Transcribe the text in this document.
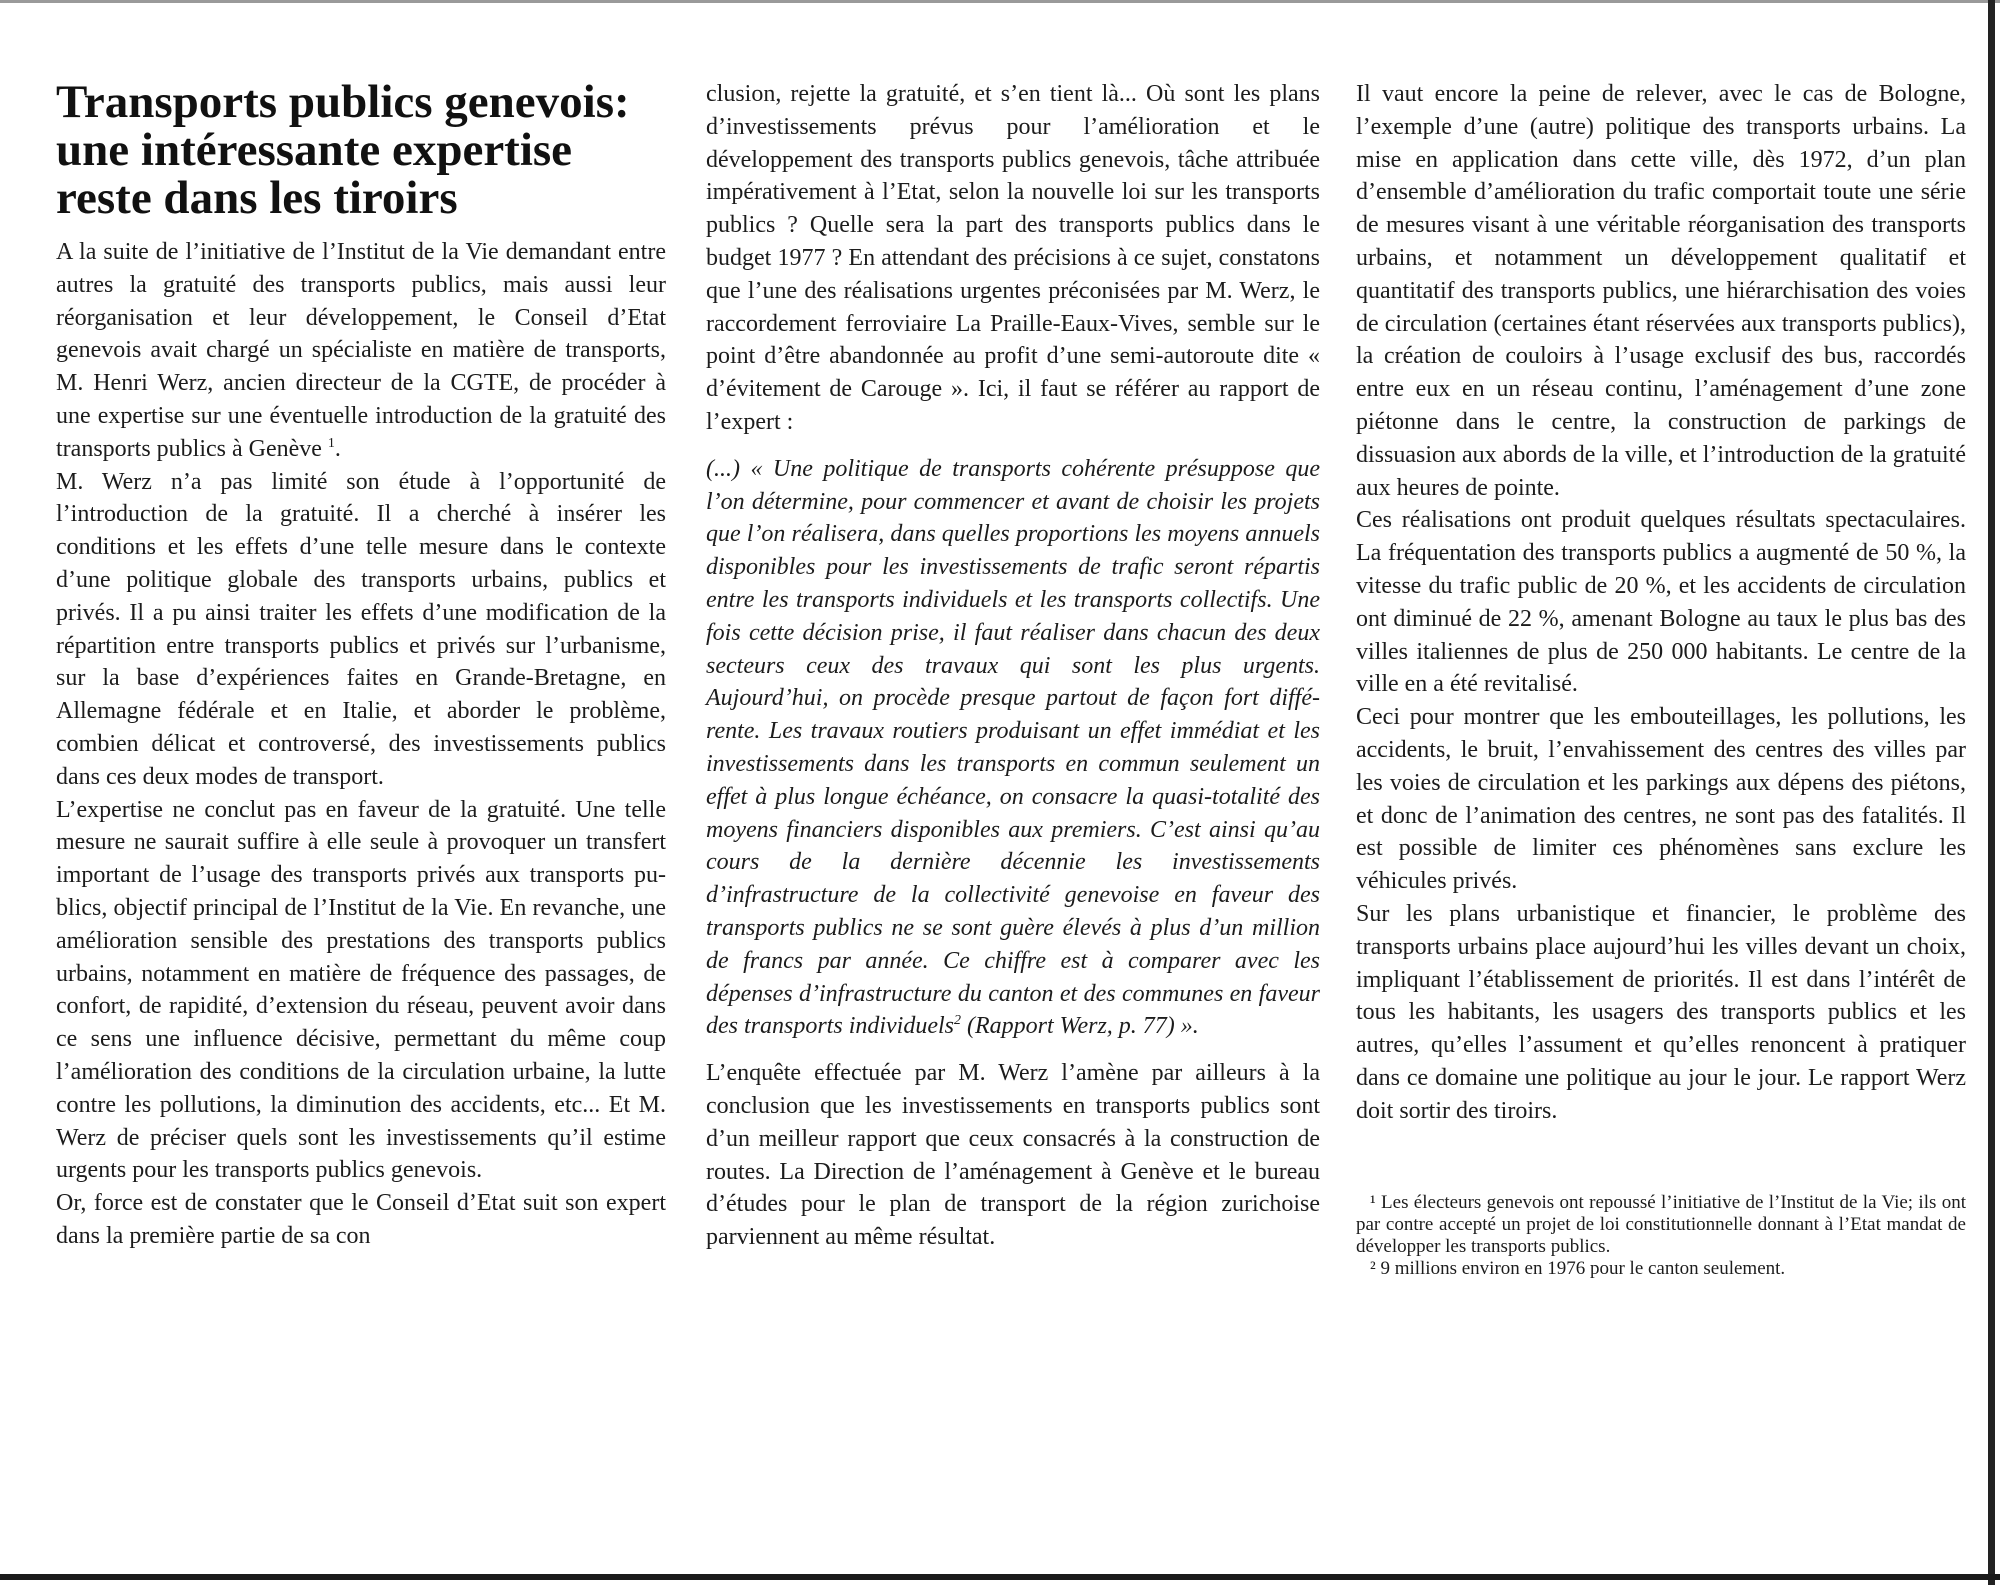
Transports publics genevois:
une intéressante expertise
reste dans les tiroirs

A la suite de l’initiative de l’Institut de la Vie demandant entre autres la gratuité des transports publics, mais aussi leur réorganisation et leur développement, le Conseil d’Etat genevois avait chargé un spécialiste en matière de transports, M. Henri Werz, ancien directeur de la CGTE, de procéder à une expertise sur une éventuelle introduction de la gratuité des transports publics à Genève $^1$.

M. Werz n’a pas limité son étude à l’opportunité de l’introduction de la gratuité. Il a cherché à insérer les conditions et les effets d’une telle mesure dans le contexte d’une politique globale des transports urbains, publics et privés. Il a pu ainsi traiter les effets d’une modification de la répartition entre transports publics et privés sur l’urbanisme, sur la base d’expériences faites en Grande-Bretagne, en Allemagne fédérale et en Italie, et aborder le problème, combien délicat et controversé, des investissements publics dans ces deux modes de transport.

L’expertise ne conclut pas en faveur de la gratuité. Une telle mesure ne saurait suffire à elle seule à provoquer un transfert important de l’usage des transports privés aux transports publics, objectif principal de l’Institut de la Vie. En revanche, une amélioration sensible des prestations des transports publics urbains, notamment en matière de fréquence des passages, de confort, de rapidité, d’extension du réseau, peuvent avoir dans ce sens une influence décisive, permettant du même coup l’amélioration des conditions de la circulation urbaine, la lutte contre les pollutions, la diminution des accidents, etc... Et M. Werz de préciser quels sont les investissements qu’il estime urgents pour les transports publics genevois.

Or, force est de constater que le Conseil d’Etat suit son expert dans la première partie de sa con

clusion, rejette la gratuité, et s’en tient là... Où sont les plans d’investissements prévus pour l’amélioration et le développement des transports publics genevois, tâche attribuée impérativement à l’Etat, selon la nouvelle loi sur les transports publics ? Quelle sera la part des transports publics dans le budget 1977 ? En attendant des précisions à ce sujet, constatons que l’une des réalisations urgentes préconisées par M. Werz, le raccordement ferroviaire La Praille-Eaux-Vives, semble sur le point d’être abandonnée au profit d’une semi-autoroute dite « d’évitement de Carouge ». Ici, il faut se référer au rapport de l’expert :

(...) « Une politique de transports cohérente présuppose que l’on détermine, pour commencer et avant de choisir les projets que l’on réalisera, dans quelles proportions les moyens annuels disponibles pour les investissements de trafic seront répartis entre les transports individuels et les transports collectifs. Une fois cette décision prise, il faut réaliser dans chacun des deux secteurs ceux des travaux qui sont les plus urgents. Aujourd’hui, on procède presque partout de façon fort différente. Les travaux routiers produisant un effet immédiat et les investissements dans les transports en commun seulement un effet à plus longue échéance, on consacre la quasi-totalité des moyens financiers disponibles aux premiers. C’est ainsi qu’au cours de la dernière décennie les investissements d’infrastructure de la collectivité genevoise en faveur des transports publics ne se sont guère élevés à plus d’un million de francs par année. Ce chiffre est à comparer avec les dépenses d’infrastructure du canton et des communes en faveur des transports individuels$^2$ (Rapport Werz, p. 77) ».

L’enquête effectuée par M. Werz l’amène par ailleurs à la conclusion que les investissements en transports publics sont d’un meilleur rapport que ceux consacrés à la construction de routes. La Direction de l’aménagement à Genève et le bureau d’études pour le plan de transport de la région zurichoise parviennent au même résultat.

Il vaut encore la peine de relever, avec le cas de Bologne, l’exemple d’une (autre) politique des transports urbains. La mise en application dans cette ville, dès 1972, d’un plan d’ensemble d’amélioration du trafic comportait toute une série de mesures visant à une véritable réorganisation des transports urbains, et notamment un développement qualitatif et quantitatif des transports publics, une hiérarchisation des voies de circulation (certaines étant réservées aux transports publics), la création de couloirs à l’usage exclusif des bus, raccordés entre eux en un réseau continu, l’aménagement d’une zone piétonne dans le centre, la construction de parkings de dissuasion aux abords de la ville, et l’introduction de la gratuité aux heures de pointe.

Ces réalisations ont produit quelques résultats spectaculaires. La fréquentation des transports publics a augmenté de 50 %, la vitesse du trafic public de 20 %, et les accidents de circulation ont diminué de 22 %, amenant Bologne au taux le plus bas des villes italiennes de plus de 250 000 habitants. Le centre de la ville en a été revitalisé.

Ceci pour montrer que les embouteillages, les pollutions, les accidents, le bruit, l’envahissement des centres des villes par les voies de circulation et les parkings aux dépens des piétons, et donc de l’animation des centres, ne sont pas des fatalités. Il est possible de limiter ces phénomènes sans exclure les véhicules privés.

Sur les plans urbanistique et financier, le problème des transports urbains place aujourd’hui les villes devant un choix, impliquant l’établissement de priorités. Il est dans l’intérêt de tous les habitants, les usagers des transports publics et les autres, qu’elles l’assument et qu’elles renoncent à pratiquer dans ce domaine une politique au jour le jour. Le rapport Werz doit sortir des tiroirs.

¹ Les électeurs genevois ont repoussé l’initiative de l’Institut de la Vie; ils ont par contre accepté un projet de loi constitutionnelle donnant à l’Etat mandat de développer les transports publics.

² 9 millions environ en 1976 pour le canton seulement.
